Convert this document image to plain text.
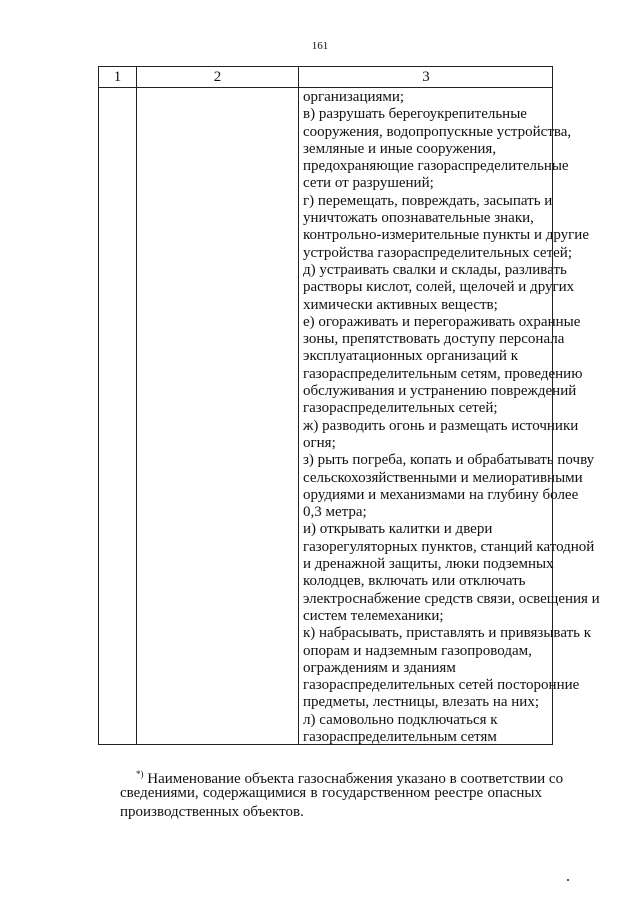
161
1	2	3
организациями;
в) разрушать берегоукрепительные
сооружения, водопропускные устройства,
земляные и иные сооружения,
предохраняющие газораспределительные
сети от разрушений;
г) перемещать, повреждать, засыпать и
уничтожать опознавательные знаки,
контрольно-измерительные пункты и другие
устройства газораспределительных сетей;
д) устраивать свалки и склады, разливать
растворы кислот, солей, щелочей и других
химически активных веществ;
е) огораживать и перегораживать охранные
зоны, препятствовать доступу персонала
эксплуатационных организаций к
газораспределительным сетям, проведению
обслуживания и устранению повреждений
газораспределительных сетей;
ж) разводить огонь и размещать источники
огня;
з) рыть погреба, копать и обрабатывать почву
сельскохозяйственными и мелиоративными
орудиями и механизмами на глубину более
0,3 метра;
и) открывать калитки и двери
газорегуляторных пунктов, станций катодной
и дренажной защиты, люки подземных
колодцев, включать или отключать
электроснабжение средств связи, освещения и
систем телемеханики;
к) набрасывать, приставлять и привязывать к
опорам и надземным газопроводам,
ограждениям и зданиям
газораспределительных сетей посторонние
предметы, лестницы, влезать на них;
л) самовольно подключаться к
газораспределительным сетям
*) Наименование объекта газоснабжения указано в соответствии со
сведениями, содержащимися в государственном реестре опасных
производственных объектов.
